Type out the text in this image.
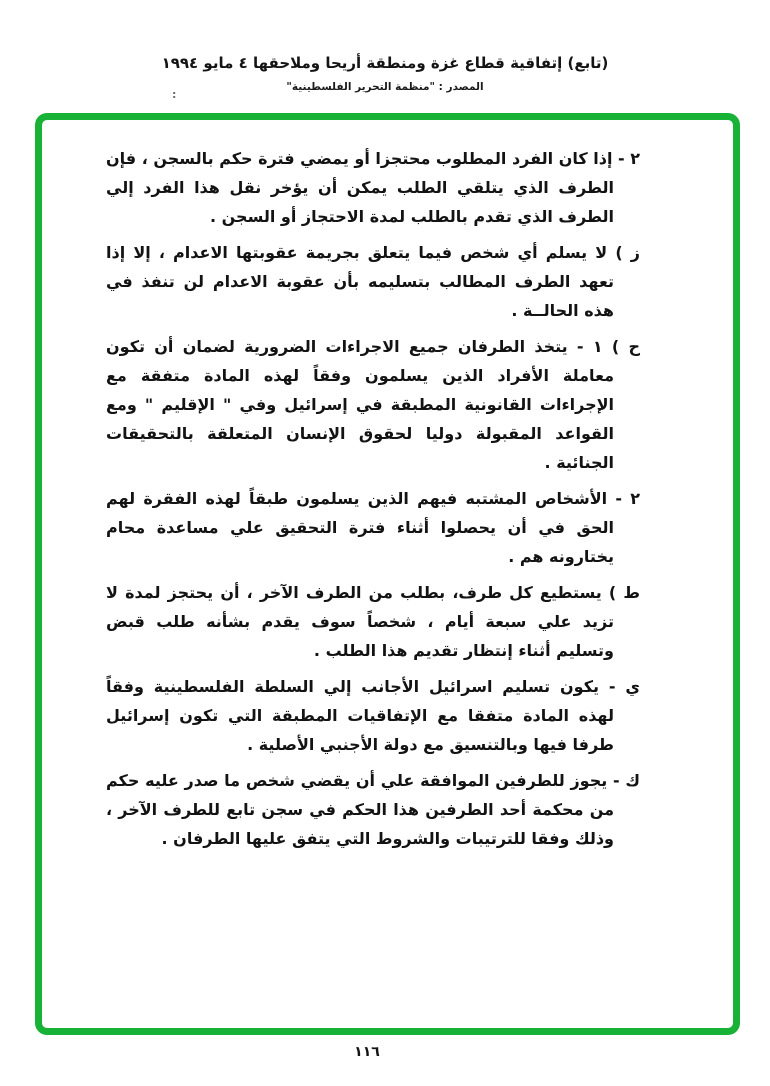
(تابع) إتفاقية قطاع غزة ومنطقة أريحا وملاحقها ٤ مايو ١٩٩٤
المصدر : "منظمة التحرير الفلسطينية"
:

٢ - إذا كان الفرد المطلوب محتجزا أو يمضي فترة حكم بالسجن ، فإن الطرف الذي يتلقي الطلب يمكن أن يؤخر نقل هذا الفرد إلي الطرف الذي تقدم بالطلب لمدة الاحتجاز أو السجن .

ز ) لا يسلم أي شخص فيما يتعلق بجريمة عقوبتها الاعدام ، إلا إذا تعهد الطرف المطالب بتسليمه بأن عقوبة الاعدام لن تنفذ في هذه الحالــة .

ح ) ١ - يتخذ الطرفان جميع الاجراءات الضرورية لضمان أن تكون معاملة الأفراد الذين يسلمون وفقاً لهذه المادة متفقة مع الإجراءات القانونية المطبقة في إسرائيل وفي " الإقليم " ومع القواعد المقبولة دوليا لحقوق الإنسان المتعلقة بالتحقيقات الجنائية .

٢ - الأشخاص المشتبه فيهم الذين يسلمون طبقاً لهذه الفقرة لهم الحق في أن يحصلوا أثناء فترة التحقيق علي مساعدة محام يختارونه هم .

ط ) يستطيع كل طرف، بطلب من الطرف الآخر ، أن يحتجز لمدة لا تزيد علي سبعة أيام ، شخصاً سوف يقدم بشأنه طلب قبض وتسليم أثناء إنتظار تقديم هذا الطلب .

ي - يكون تسليم اسرائيل الأجانب إلي السلطة الفلسطينية وفقاً لهذه المادة متفقا مع الإتفاقيات المطبقة التي تكون إسرائيل طرفا فيها وبالتنسيق مع دولة الأجنبي الأصلية .

ك - يجوز للطرفين الموافقة علي أن يقضي شخص ما صدر عليه حكم من محكمة أحد الطرفين هذا الحكم في سجن تابع للطرف الآخر ، وذلك وفقا للترتيبات والشروط التي يتفق عليها الطرفان .

١١٦
